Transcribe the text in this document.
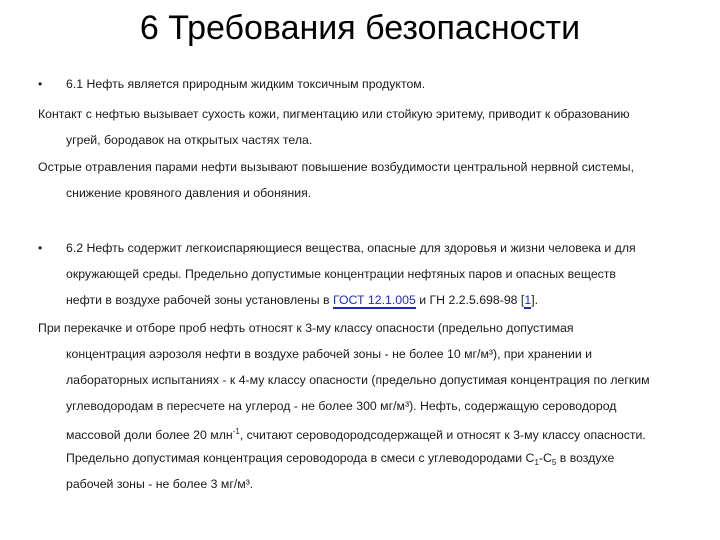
6 Требования безопасности
• 6.1 Нефть является природным жидким токсичным продуктом.
Контакт с нефтью вызывает сухость кожи, пигментацию или стойкую эритему, приводит к образованию
угрей, бородавок на открытых частях тела.
Острые отравления парами нефти вызывают повышение возбудимости центральной нервной системы,
снижение кровяного давления и обоняния.
• 6.2 Нефть содержит легкоиспаряющиеся вещества, опасные для здоровья и жизни человека и для
окружающей среды. Предельно допустимые концентрации нефтяных паров и опасных веществ
нефти в воздухе рабочей зоны установлены в ГОСТ 12.1.005 и ГН 2.2.5.698-98 [1].
При перекачке и отборе проб нефть относят к 3-му классу опасности (предельно допустимая
концентрация аэрозоля нефти в воздухе рабочей зоны - не более 10 мг/м³), при хранении и
лабораторных испытаниях - к 4-му классу опасности (предельно допустимая концентрация по легким
углеводородам в пересчете на углерод - не более 300 мг/м³). Нефть, содержащую сероводород
массовой доли более 20 млн$^{-1}$, считают сероводородсодержащей и относят к 3-му классу опасности.
Предельно допустимая концентрация сероводорода в смеси с углеводородами $С_1-С_5$ в воздухе
рабочей зоны - не более 3 мг/м³.
